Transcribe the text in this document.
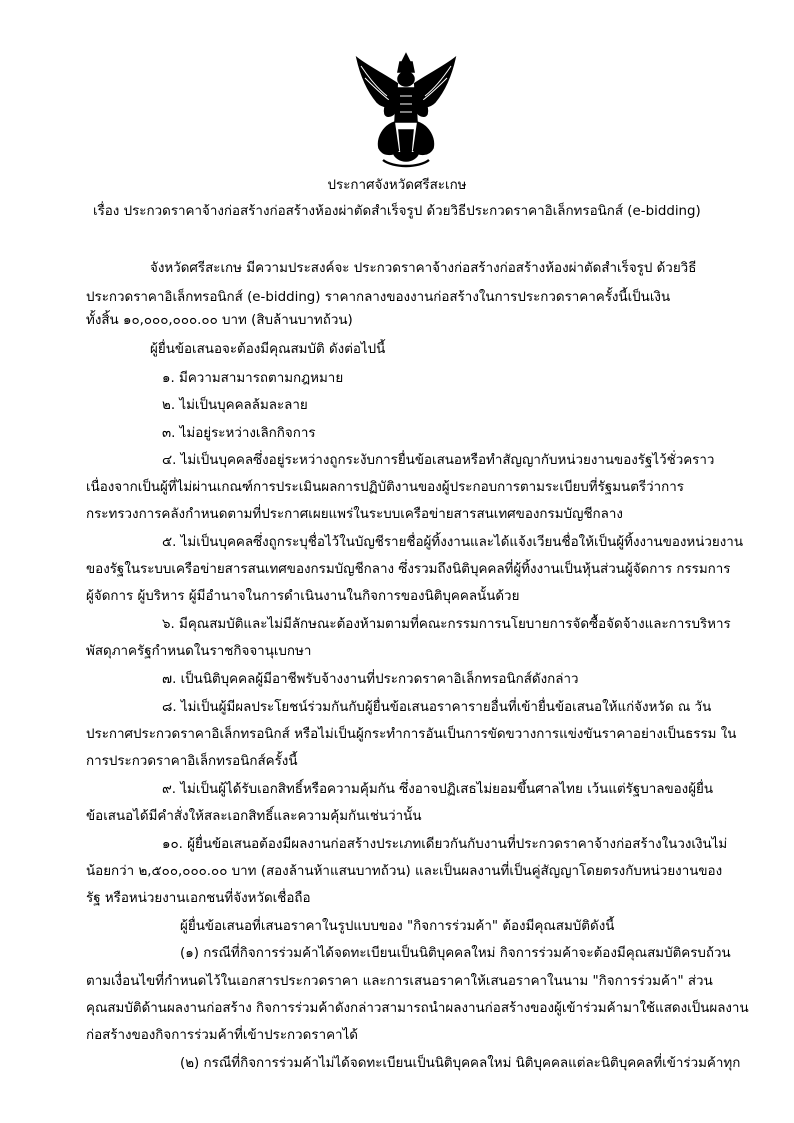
ประกาศจังหวัดศรีสะเกษ
เรื่อง ประกวดราคาจ้างก่อสร้างก่อสร้างห้องผ่าตัดสำเร็จรูป ด้วยวิธีประกวดราคาอิเล็กทรอนิกส์ (e-bidding)
จังหวัดศรีสะเกษ มีความประสงค์จะ ประกวดราคาจ้างก่อสร้างก่อสร้างห้องผ่าตัดสำเร็จรูป ด้วยวิธี
ประกวดราคาอิเล็กทรอนิกส์ (e-bidding) ราคากลางของงานก่อสร้างในการประกวดราคาครั้งนี้เป็นเงิน
ทั้งสิ้น ๑๐,๐๐๐,๐๐๐.๐๐ บาท (สิบล้านบาทถ้วน)
ผู้ยื่นข้อเสนอจะต้องมีคุณสมบัติ ดังต่อไปนี้
๑. มีความสามารถตามกฎหมาย
๒. ไม่เป็นบุคคลล้มละลาย
๓. ไม่อยู่ระหว่างเลิกกิจการ
๔. ไม่เป็นบุคคลซึ่งอยู่ระหว่างถูกระงับการยื่นข้อเสนอหรือทำสัญญากับหน่วยงานของรัฐไว้ชั่วคราว
เนื่องจากเป็นผู้ที่ไม่ผ่านเกณฑ์การประเมินผลการปฏิบัติงานของผู้ประกอบการตามระเบียบที่รัฐมนตรีว่าการ
กระทรวงการคลังกำหนดตามที่ประกาศเผยแพร่ในระบบเครือข่ายสารสนเทศของกรมบัญชีกลาง
๕. ไม่เป็นบุคคลซึ่งถูกระบุชื่อไว้ในบัญชีรายชื่อผู้ทิ้งงานและได้แจ้งเวียนชื่อให้เป็นผู้ทิ้งงานของหน่วยงาน
ของรัฐในระบบเครือข่ายสารสนเทศของกรมบัญชีกลาง ซึ่งรวมถึงนิติบุคคลที่ผู้ทิ้งงานเป็นหุ้นส่วนผู้จัดการ กรรมการ
ผู้จัดการ ผู้บริหาร ผู้มีอำนาจในการดำเนินงานในกิจการของนิติบุคคลนั้นด้วย
๖. มีคุณสมบัติและไม่มีลักษณะต้องห้ามตามที่คณะกรรมการนโยบายการจัดซื้อจัดจ้างและการบริหาร
พัสดุภาครัฐกำหนดในราชกิจจานุเบกษา
๗. เป็นนิติบุคคลผู้มีอาชีพรับจ้างงานที่ประกวดราคาอิเล็กทรอนิกส์ดังกล่าว
๘. ไม่เป็นผู้มีผลประโยชน์ร่วมกันกับผู้ยื่นข้อเสนอราคารายอื่นที่เข้ายื่นข้อเสนอให้แก่จังหวัด ณ วัน
ประกาศประกวดราคาอิเล็กทรอนิกส์ หรือไม่เป็นผู้กระทำการอันเป็นการขัดขวางการแข่งขันราคาอย่างเป็นธรรม ใน
การประกวดราคาอิเล็กทรอนิกส์ครั้งนี้
๙. ไม่เป็นผู้ได้รับเอกสิทธิ์หรือความคุ้มกัน ซึ่งอาจปฏิเสธไม่ยอมขึ้นศาลไทย เว้นแต่รัฐบาลของผู้ยื่น
ข้อเสนอได้มีคำสั่งให้สละเอกสิทธิ์และความคุ้มกันเช่นว่านั้น
๑๐. ผู้ยื่นข้อเสนอต้องมีผลงานก่อสร้างประเภทเดียวกันกับงานที่ประกวดราคาจ้างก่อสร้างในวงเงินไม่
น้อยกว่า ๒,๕๐๐,๐๐๐.๐๐ บาท (สองล้านห้าแสนบาทถ้วน) และเป็นผลงานที่เป็นคู่สัญญาโดยตรงกับหน่วยงานของ
รัฐ หรือหน่วยงานเอกชนที่จังหวัดเชื่อถือ
ผู้ยื่นข้อเสนอที่เสนอราคาในรูปแบบของ "กิจการร่วมค้า" ต้องมีคุณสมบัติดังนี้
(๑) กรณีที่กิจการร่วมค้าได้จดทะเบียนเป็นนิติบุคคลใหม่ กิจการร่วมค้าจะต้องมีคุณสมบัติครบถ้วน
ตามเงื่อนไขที่กำหนดไว้ในเอกสารประกวดราคา และการเสนอราคาให้เสนอราคาในนาม "กิจการร่วมค้า" ส่วน
คุณสมบัติด้านผลงานก่อสร้าง กิจการร่วมค้าดังกล่าวสามารถนำผลงานก่อสร้างของผู้เข้าร่วมค้ามาใช้แสดงเป็นผลงาน
ก่อสร้างของกิจการร่วมค้าที่เข้าประกวดราคาได้
(๒) กรณีที่กิจการร่วมค้าไม่ได้จดทะเบียนเป็นนิติบุคคลใหม่ นิติบุคคลแต่ละนิติบุคคลที่เข้าร่วมค้าทุก
